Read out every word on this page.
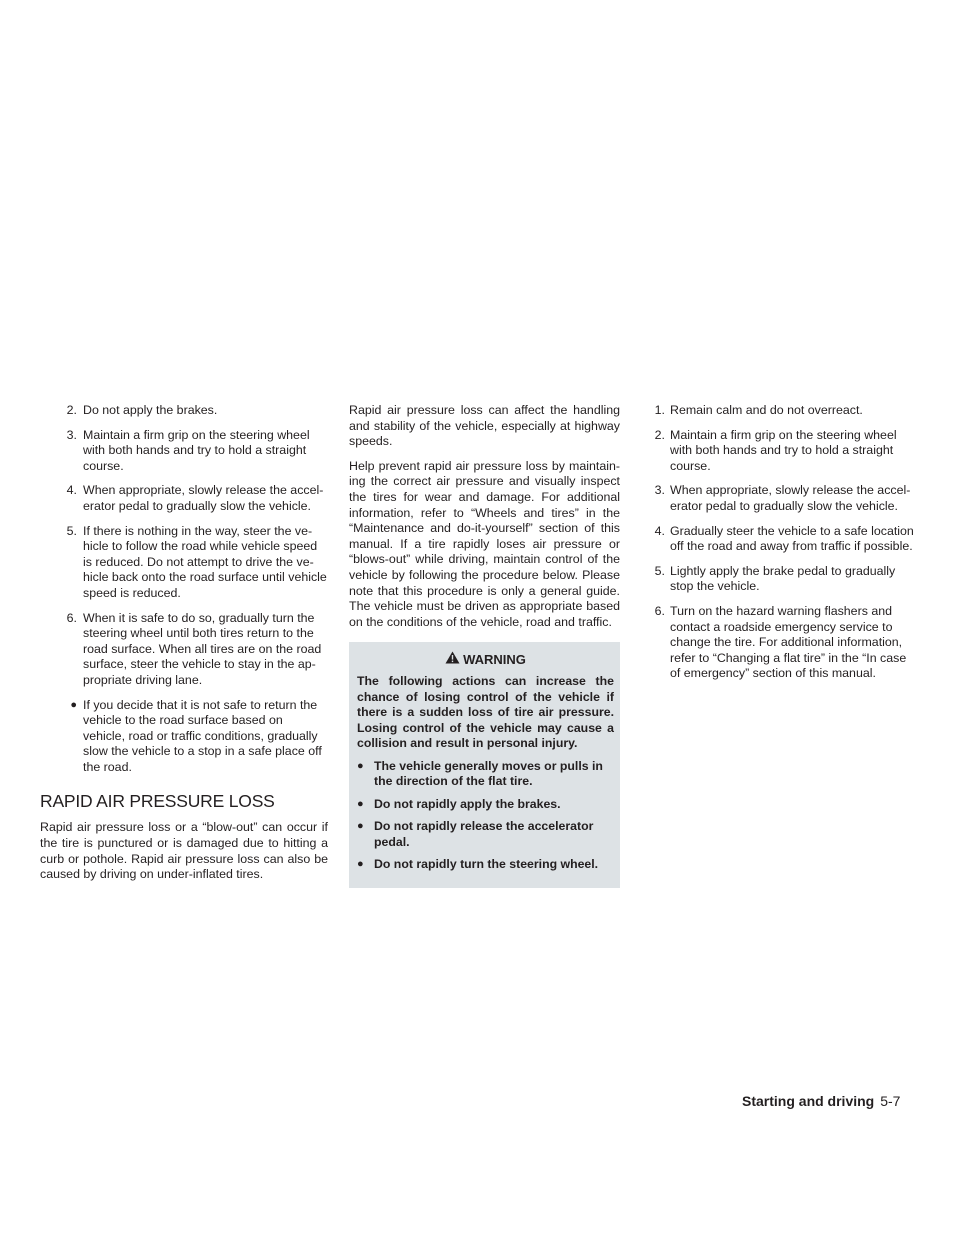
2. Do not apply the brakes.
3. Maintain a firm grip on the steering wheel with both hands and try to hold a straight course.
4. When appropriate, slowly release the accel-erator pedal to gradually slow the vehicle.
5. If there is nothing in the way, steer the ve-hicle to follow the road while vehicle speed is reduced. Do not attempt to drive the ve-hicle back onto the road surface until vehicle speed is reduced.
6. When it is safe to do so, gradually turn the steering wheel until both tires return to the road surface. When all tires are on the road surface, steer the vehicle to stay in the ap-propriate driving lane.
● If you decide that it is not safe to return the vehicle to the road surface based on vehicle, road or traffic conditions, gradually slow the vehicle to a stop in a safe place off the road.
RAPID AIR PRESSURE LOSS

Rapid air pressure loss or a “blow-out” can occur if the tire is punctured or is damaged due to hitting a curb or pothole. Rapid air pressure loss can also be caused by driving on under-inflated tires.

Rapid air pressure loss can affect the handling and stability of the vehicle, especially at highway speeds.

Help prevent rapid air pressure loss by maintain-ing the correct air pressure and visually inspect the tires for wear and damage. For additional information, refer to “Wheels and tires” in the “Maintenance and do-it-yourself” section of this manual. If a tire rapidly loses air pressure or “blows-out” while driving, maintain control of the vehicle by following the procedure below. Please note that this procedure is only a general guide. The vehicle must be driven as appropriate based on the conditions of the vehicle, road and traffic.

WARNING
The following actions can increase the chance of losing control of the vehicle if there is a sudden loss of tire air pressure. Losing control of the vehicle may cause a collision and result in personal injury.
● The vehicle generally moves or pulls in the direction of the flat tire.
● Do not rapidly apply the brakes.
● Do not rapidly release the accelerator pedal.
● Do not rapidly turn the steering wheel.
1. Remain calm and do not overreact.
2. Maintain a firm grip on the steering wheel with both hands and try to hold a straight course.
3. When appropriate, slowly release the accel-erator pedal to gradually slow the vehicle.
4. Gradually steer the vehicle to a safe location off the road and away from traffic if possible.
5. Lightly apply the brake pedal to gradually stop the vehicle.
6. Turn on the hazard warning flashers and contact a roadside emergency service to change the tire. For additional information, refer to “Changing a flat tire” in the “In case of emergency” section of this manual.
Starting and driving 5-7
